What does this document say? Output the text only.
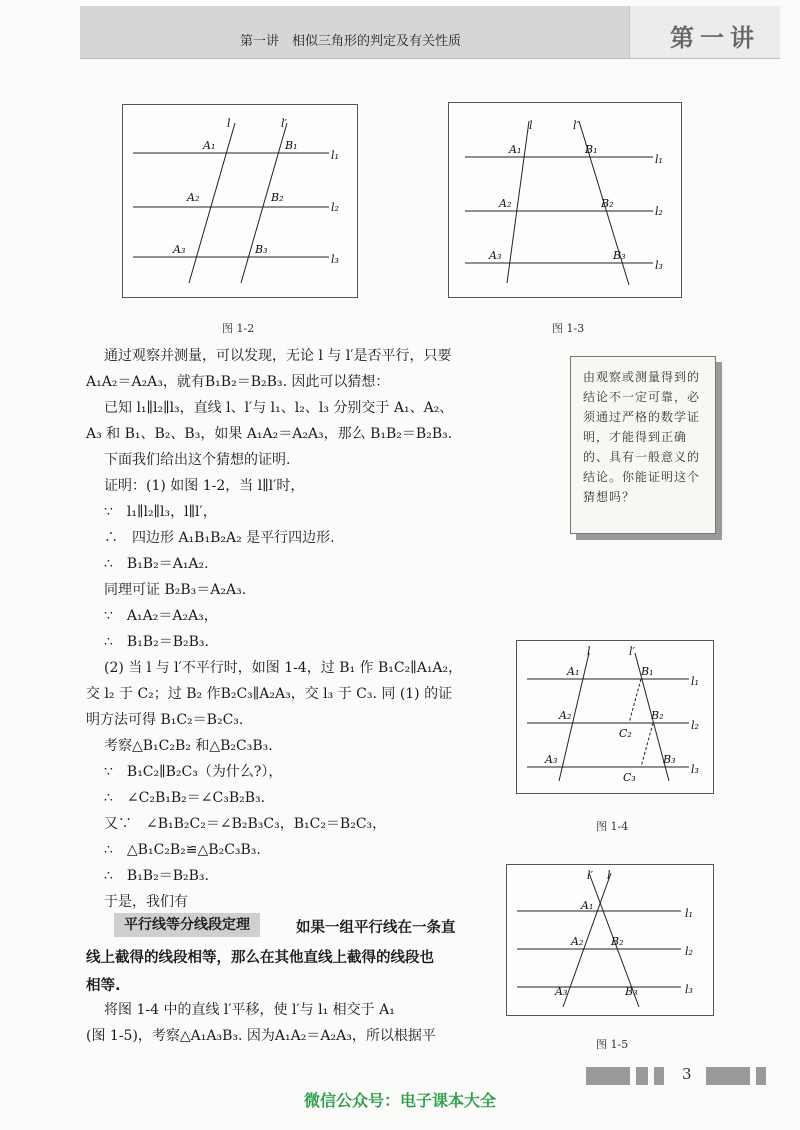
第一讲　相似三角形的判定及有关性质	第一讲
l	l′
l₁
l₂
l₃
A₁
A₂
A₃
B₁
B₂
B₃
图 1-2
l	l′
l₁
l₂
l₃
A₁
A₂
A₃
B₁
B₂
B₃
图 1-3
由观察或测量得到的结论不一定可靠，必须通过严格的数学证明，才能得到正确的、具有一般意义的结论。你能证明这个猜想吗？
通过观察并测量，可以发现，无论 l 与 l′是否平行，只要
A₁A₂＝A₂A₃，就有B₁B₂＝B₂B₃. 因此可以猜想：
已知 l₁∥l₂∥l₃，直线 l、l′与 l₁、l₂、l₃ 分别交于 A₁、A₂、
A₃ 和 B₁、B₂、B₃，如果 A₁A₂＝A₂A₃，那么 B₁B₂＝B₂B₃.
下面我们给出这个猜想的证明.
证明：(1) 如图 1-2，当 l∥l′时，
∵　l₁∥l₂∥l₃，l∥l′，
∴　四边形 A₁B₁B₂A₂ 是平行四边形.
∴　B₁B₂＝A₁A₂.
同理可证 B₂B₃＝A₂A₃.
∵　A₁A₂＝A₂A₃，
∴　B₁B₂＝B₂B₃.
(2) 当 l 与 l′不平行时，如图 1-4，过 B₁ 作 B₁C₂∥A₁A₂，
交 l₂ 于 C₂；过 B₂ 作B₂C₃∥A₂A₃，交 l₃ 于 C₃. 同 (1) 的证
明方法可得 B₁C₂＝B₂C₃.
考察△B₁C₂B₂ 和△B₂C₃B₃.
∵　B₁C₂∥B₂C₃（为什么?），
∴　∠C₂B₁B₂＝∠C₃B₂B₃.
又∵　∠B₁B₂C₂＝∠B₂B₃C₃，B₁C₂＝B₂C₃，
∴　△B₁C₂B₂≌△B₂C₃B₃.
∴　B₁B₂＝B₂B₃.
于是，我们有
平行线等分线段定理	如果一组平行线在一条直
线上截得的线段相等，那么在其他直线上截得的线段也
相等.
将图 1-4 中的直线 l′平移，使 l′与 l₁ 相交于 A₁
(图 1-5)，考察△A₁A₃B₃. 因为A₁A₂＝A₂A₃，所以根据平
l	l′
l₁
l₂
l₃
A₁
A₂
A₃
B₁
B₂
B₃
C₂
C₃
图 1-4
l′ l
l₁
l₂
l₃
A₁
A₂
A₃
B₂
B₃
图 1-5
3
微信公众号：电子课本大全
